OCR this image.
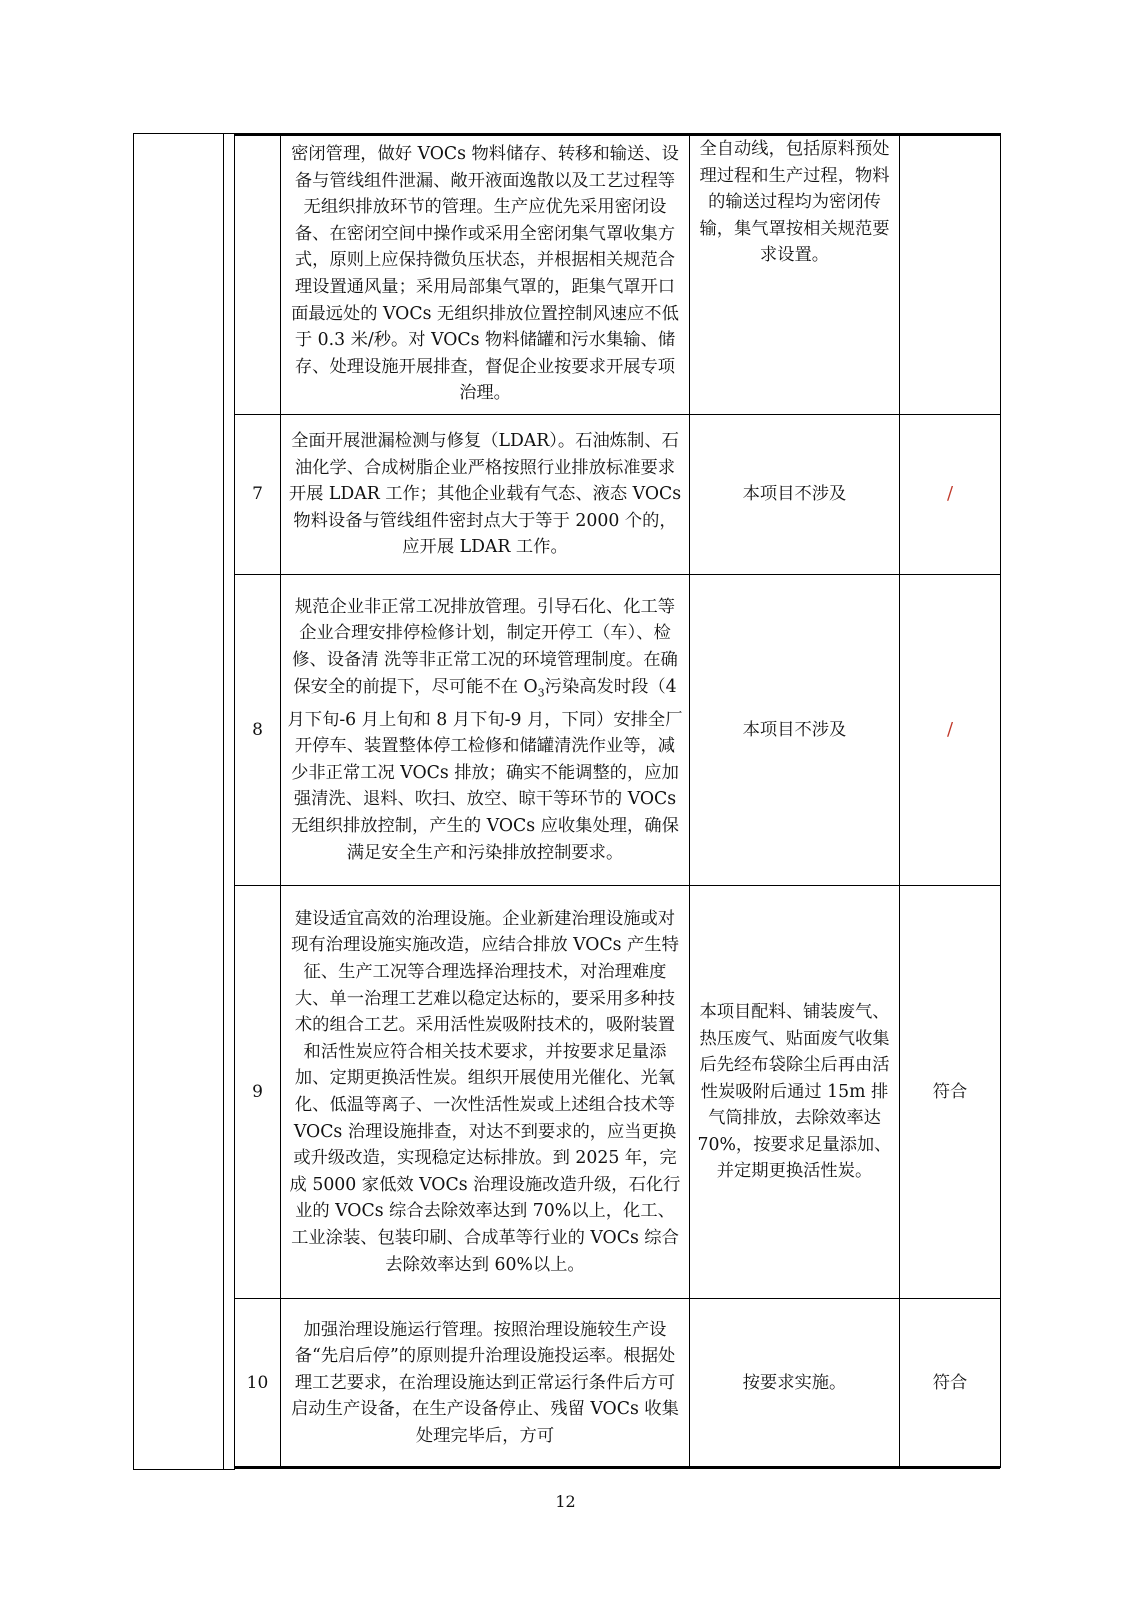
	密闭管理，做好 VOCs 物料储存、转移和输送、设备与管线组件泄漏、敞开液面逸散以及工艺过程等无组织排放环节的管理。生产应优先采用密闭设备、在密闭空间中操作或采用全密闭集气罩收集方式，原则上应保持微负压状态，并根据相关规范合理设置通风量；采用局部集气罩的，距集气罩开口面最远处的 VOCs 无组织排放位置控制风速应不低于 0.3 米/秒。对 VOCs 物料储罐和污水集输、储存、处理设施开展排查，督促企业按要求开展专项治理。	全自动线，包括原料预处理过程和生产过程，物料的输送过程均为密闭传输，集气罩按相关规范要求设置。	
7	全面开展泄漏检测与修复（LDAR）。石油炼制、石油化学、合成树脂企业严格按照行业排放标准要求开展 LDAR 工作；其他企业载有气态、液态 VOCs 物料设备与管线组件密封点大于等于 2000 个的，应开展 LDAR 工作。	本项目不涉及	/
8	规范企业非正常工况排放管理。引导石化、化工等企业合理安排停检修计划，制定开停工（车）、检修、设备清 洗等非正常工况的环境管理制度。在确保安全的前提下，尽可能不在 $O_3$污染高发时段（4 月下旬-6 月上旬和 8 月下旬-9 月，下同）安排全厂开停车、装置整体停工检修和储罐清洗作业等，减少非正常工况 VOCs 排放；确实不能调整的，应加强清洗、退料、吹扫、放空、晾干等环节的 VOCs 无组织排放控制，产生的 VOCs 应收集处理，确保满足安全生产和污染排放控制要求。	本项目不涉及	/
9	建设适宜高效的治理设施。企业新建治理设施或对现有治理设施实施改造，应结合排放 VOCs 产生特征、生产工况等合理选择治理技术，对治理难度大、单一治理工艺难以稳定达标的，要采用多种技术的组合工艺。采用活性炭吸附技术的，吸附装置和活性炭应符合相关技术要求，并按要求足量添加、定期更换活性炭。组织开展使用光催化、光氧化、低温等离子、一次性活性炭或上述组合技术等 VOCs 治理设施排查，对达不到要求的，应当更换或升级改造，实现稳定达标排放。到 2025 年，完成 5000 家低效 VOCs 治理设施改造升级，石化行业的 VOCs 综合去除效率达到 70%以上，化工、工业涂装、包装印刷、合成革等行业的 VOCs 综合去除效率达到 60%以上。	本项目配料、铺装废气、热压废气、贴面废气收集后先经布袋除尘后再由活性炭吸附后通过 15m 排气筒排放，去除效率达 70%，按要求足量添加、并定期更换活性炭。	符合
10	加强治理设施运行管理。按照治理设施较生产设备“先启后停”的原则提升治理设施投运率。根据处理工艺要求，在治理设施达到正常运行条件后方可启动生产设备，在生产设备停止、残留 VOCs 收集处理完毕后，方可	按要求实施。	符合
12
